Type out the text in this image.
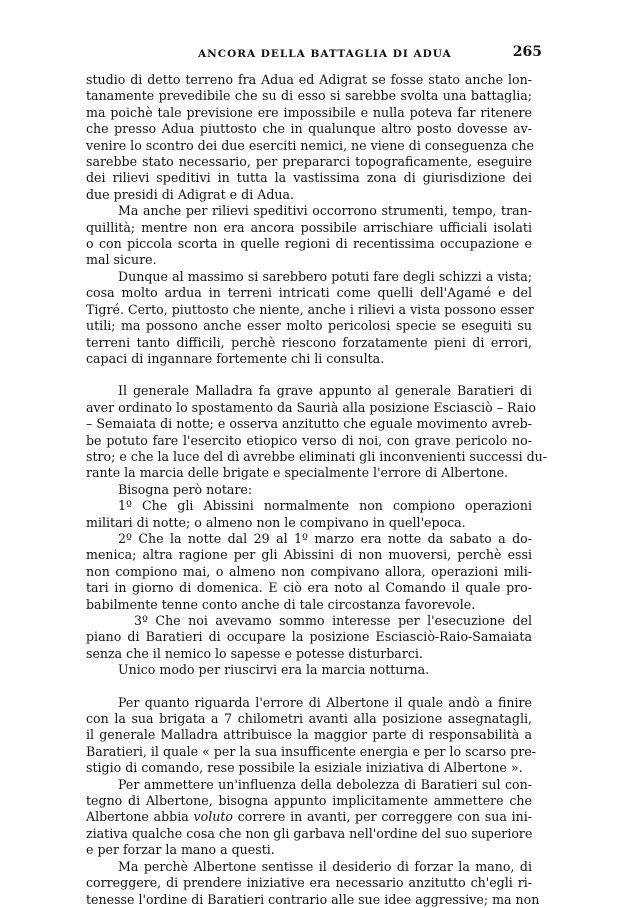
ANCORA DELLA BATTAGLIA DI ADUA	265
studio di detto terreno fra Adua ed Adigrat se fosse stato anche lon-
tanamente prevedibile che su di esso si sarebbe svolta una battaglia;
ma poichè tale previsione ere impossibile e nulla poteva far ritenere
che presso Adua piuttosto che in qualunque altro posto dovesse av-
venire lo scontro dei due eserciti nemici, ne viene di conseguenza che
sarebbe stato necessario, per prepararci topograficamente, eseguire
dei rilievi speditivi in tutta la vastissima zona di giurisdizione dei
due presidi di Adigrat e di Adua.
Ma anche per rilievi speditivi occorrono strumenti, tempo, tran-
quillità; mentre non era ancora possibile arrischiare ufficiali isolati
o con piccola scorta in quelle regioni di recentissima occupazione e
mal sicure.
Dunque al massimo si sarebbero potuti fare degli schizzi a vista;
cosa molto ardua in terreni intricati come quelli dell'Agamé e del
Tigré. Certo, piuttosto che niente, anche i rilievi a vista possono esser
utili; ma possono anche esser molto pericolosi specie se eseguiti su
terreni tanto difficili, perchè riescono forzatamente pieni di errori,
capaci di ingannare fortemente chi li consulta.
Il generale Malladra fa grave appunto al generale Baratieri di
aver ordinato lo spostamento da Saurià alla posizione Esciasciò – Raio
– Semaiata di notte; e osserva anzitutto che eguale movimento avreb-
be potuto fare l'esercito etiopico verso di noi, con grave pericolo no-
stro; e che la luce del dì avrebbe eliminati gli inconvenienti successi du-
rante la marcia delle brigate e specialmente l'errore di Albertone.
Bisogna però notare:
1º Che gli Abissini normalmente non compiono operazioni
militari di notte; o almeno non le compivano in quell'epoca.
2º Che la notte dal 29 al 1º marzo era notte da sabato a do-
menica; altra ragione per gli Abissini di non muoversi, perchè essi
non compiono mai, o almeno non compivano allora, operazioni mili-
tari in giorno di domenica. E ciò era noto al Comando il quale pro-
babilmente tenne conto anche di tale circostanza favorevole.
3º Che noi avevamo sommo interesse per l'esecuzione del
piano di Baratieri di occupare la posizione Esciasciò-Raio-Samaiata
senza che il nemico lo sapesse e potesse disturbarci.
Unico modo per riuscirvi era la marcia notturna.
Per quanto riguarda l'errore di Albertone il quale andò a finire
con la sua brigata a 7 chilometri avanti alla posizione assegnatagli,
il generale Malladra attribuisce la maggior parte di responsabilità a
Baratieri, il quale « per la sua insufficente energia e per lo scarso pre-
stigio di comando, rese possibile la esiziale iniziativa di Albertone ».
Per ammettere un'influenza della debolezza di Baratieri sul con-
tegno di Albertone, bisogna appunto implicitamente ammettere che
Albertone abbia voluto correre in avanti, per correggere con sua ini-
ziativa qualche cosa che non gli garbava nell'ordine del suo superiore
e per forzar la mano a questi.
Ma perchè Albertone sentisse il desiderio di forzar la mano, di
correggere, di prendere iniziative era necessario anzitutto ch'egli ri-
tenesse l'ordine di Baratieri contrario alle sue idee aggressive; ma non
